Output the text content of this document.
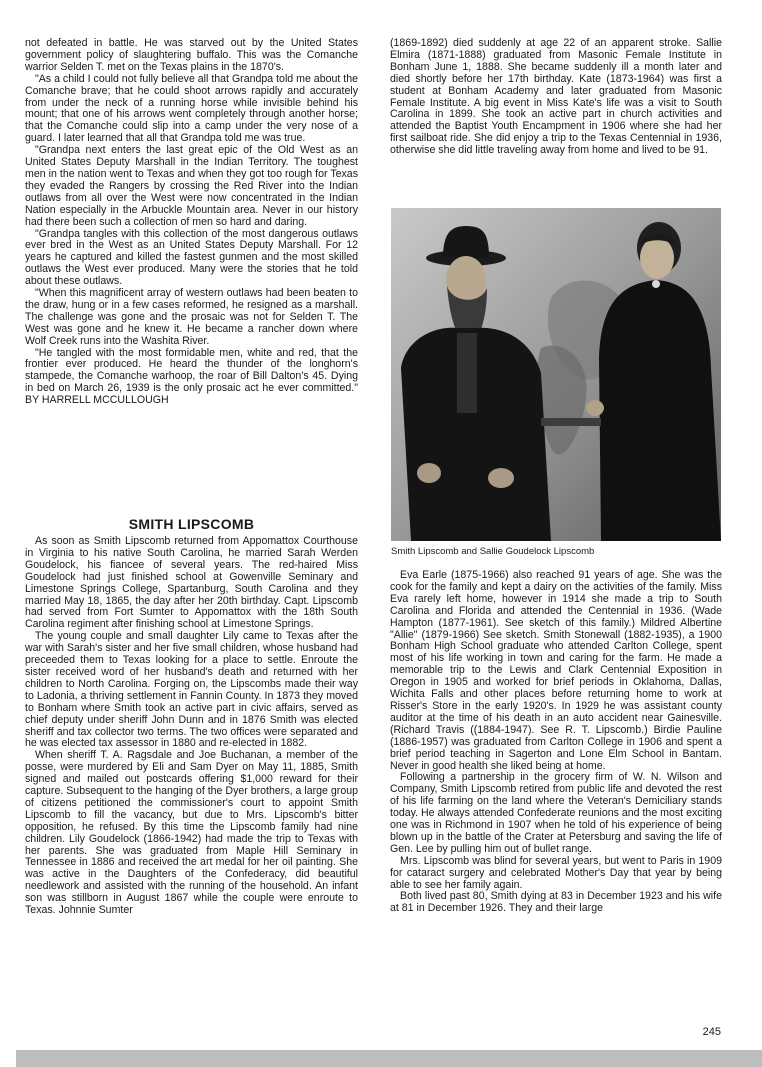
not defeated in battle. He was starved out by the United States government policy of slaughtering buffalo. This was the Comanche warrior Selden T. met on the Texas plains in the 1870's.

"As a child I could not fully believe all that Grandpa told me about the Comanche brave; that he could shoot arrows rapidly and accurately from under the neck of a running horse while invisible behind his mount; that one of his arrows went completely through another horse; that the Comanche could slip into a camp under the very nose of a guard. I later learned that all that Grandpa told me was true.

"Grandpa next enters the last great epic of the Old West as an United States Deputy Marshall in the Indian Territory. The toughest men in the nation went to Texas and when they got too rough for Texas they evaded the Rangers by crossing the Red River into the Indian outlaws from all over the West were now concentrated in the Indian Nation especially in the Arbuckle Mountain area. Never in our history had there been such a collection of men so hard and daring.

"Grandpa tangles with this collection of the most dangerous outlaws ever bred in the West as an United States Deputy Marshall. For 12 years he captured and killed the fastest gunmen and the most skilled outlaws the West ever produced. Many were the stories that he told about these outlaws.

"When this magnificent array of western outlaws had been beaten to the draw, hung or in a few cases reformed, he resigned as a marshall. The challenge was gone and the prosaic was not for Selden T. The West was gone and he knew it. He became a rancher down where Wolf Creek runs into the Washita River.

"He tangled with the most formidable men, white and red, that the frontier ever produced. He heard the thunder of the longhorn's stampede, the Comanche warhoop, the roar of Bill Dalton's 45. Dying in bed on March 26, 1939 is the only prosaic act he ever committed." BY HARRELL MCCULLOUGH

SMITH LIPSCOMB

As soon as Smith Lipscomb returned from Appomattox Courthouse in Virginia to his native South Carolina, he married Sarah Werden Goudelock, his fiancee of several years. The red-haired Miss Goudelock had just finished school at Gowenville Seminary and Limestone Springs College, Spartanburg, South Carolina and they married May 18, 1865, the day after her 20th birthday. Capt. Lipscomb had served from Fort Sumter to Appomattox with the 18th South Carolina regiment after finishing school at Limestone Springs.

The young couple and small daughter Lily came to Texas after the war with Sarah's sister and her five small children, whose husband had preceeded them to Texas looking for a place to settle. Enroute the sister received word of her husband's death and returned with her children to North Carolina. Forging on, the Lipscombs made their way to Ladonia, a thriving settlement in Fannin County. In 1873 they moved to Bonham where Smith took an active part in civic affairs, served as chief deputy under sheriff John Dunn and in 1876 Smith was elected sheriff and tax collector two terms. The two offices were separated and he was elected tax assessor in 1880 and re-elected in 1882.

When sheriff T. A. Ragsdale and Joe Buchanan, a member of the posse, were murdered by Eli and Sam Dyer on May 11, 1885, Smith signed and mailed out postcards offering $1,000 reward for their capture. Subsequent to the hanging of the Dyer brothers, a large group of citizens petitioned the commissioner's court to appoint Smith Lipscomb to fill the vacancy, but due to Mrs. Lipscomb's bitter opposition, he refused. By this time the Lipscomb family had nine children. Lily Goudelock (1866-1942) had made the trip to Texas with her parents. She was graduated from Maple Hill Seminary in Tennessee in 1886 and received the art medal for her oil painting. She was active in the Daughters of the Confederacy, did beautiful needlework and assisted with the running of the household. An infant son was stillborn in August 1867 while the couple were enroute to Texas. Johnnie Sumter

(1869-1892) died suddenly at age 22 of an apparent stroke. Sallie Elmira (1871-1888) graduated from Masonic Female Institute in Bonham June 1, 1888. She became suddenly ill a month later and died shortly before her 17th birthday. Kate (1873-1964) was first a student at Bonham Academy and later graduated from Masonic Female Institute. A big event in Miss Kate's life was a visit to South Carolina in 1899. She took an active part in church activities and attended the Baptist Youth Encampment in 1906 where she had her first sailboat ride. She did enjoy a trip to the Texas Centennial in 1936, otherwise she did little traveling away from home and lived to be 91.

Smith Lipscomb and Sallie Goudelock Lipscomb

Eva Earle (1875-1966) also reached 91 years of age. She was the cook for the family and kept a dairy on the activities of the family. Miss Eva rarely left home, however in 1914 she made a trip to South Carolina and Florida and attended the Centennial in 1936. (Wade Hampton (1877-1961). See sketch of this family.) Mildred Albertine "Allie" (1879-1966) See sketch. Smith Stonewall (1882-1935), a 1900 Bonham High School graduate who attended Carlton College, spent most of his life working in town and caring for the farm. He made a memorable trip to the Lewis and Clark Centennial Exposition in Oregon in 1905 and worked for brief periods in Oklahoma, Dallas, Wichita Falls and other places before returning home to work at Risser's Store in the early 1920's. In 1929 he was assistant county auditor at the time of his death in an auto accident near Gainesville. (Richard Travis ((1884-1947). See R. T. Lipscomb.) Birdie Pauline (1886-1957) was graduated from Carlton College in 1906 and spent a brief period teaching in Sagerton and Lone Elm School in Bantam. Never in good health she liked being at home.

Following a partnership in the grocery firm of W. N. Wilson and Company, Smith Lipscomb retired from public life and devoted the rest of his life farming on the land where the Veteran's Demiciliary stands today. He always attended Confederate reunions and the most exciting one was in Richmond in 1907 when he told of his experience of being blown up in the battle of the Crater at Petersburg and saving the life of Gen. Lee by pulling him out of bullet range.

Mrs. Lipscomb was blind for several years, but went to Paris in 1909 for cataract surgery and celebrated Mother's Day that year by being able to see her family again.

Both lived past 80, Smith dying at 83 in December 1923 and his wife at 81 in December 1926. They and their large

245
